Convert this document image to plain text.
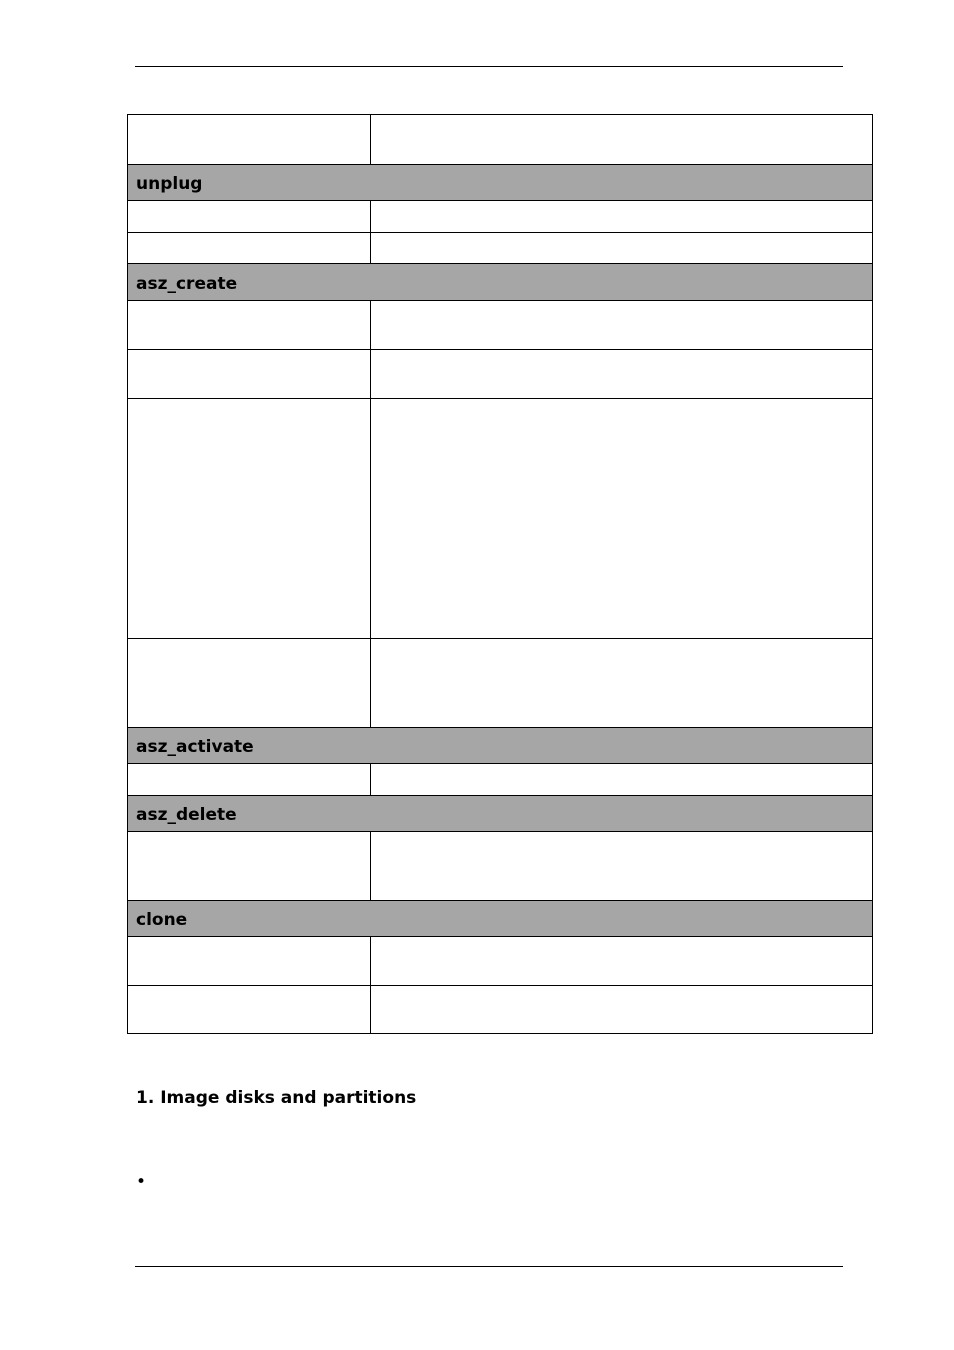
unplug	

asz_create	

asz_activate	

asz_delete	

clone	

1. Image disks and partitions
•
